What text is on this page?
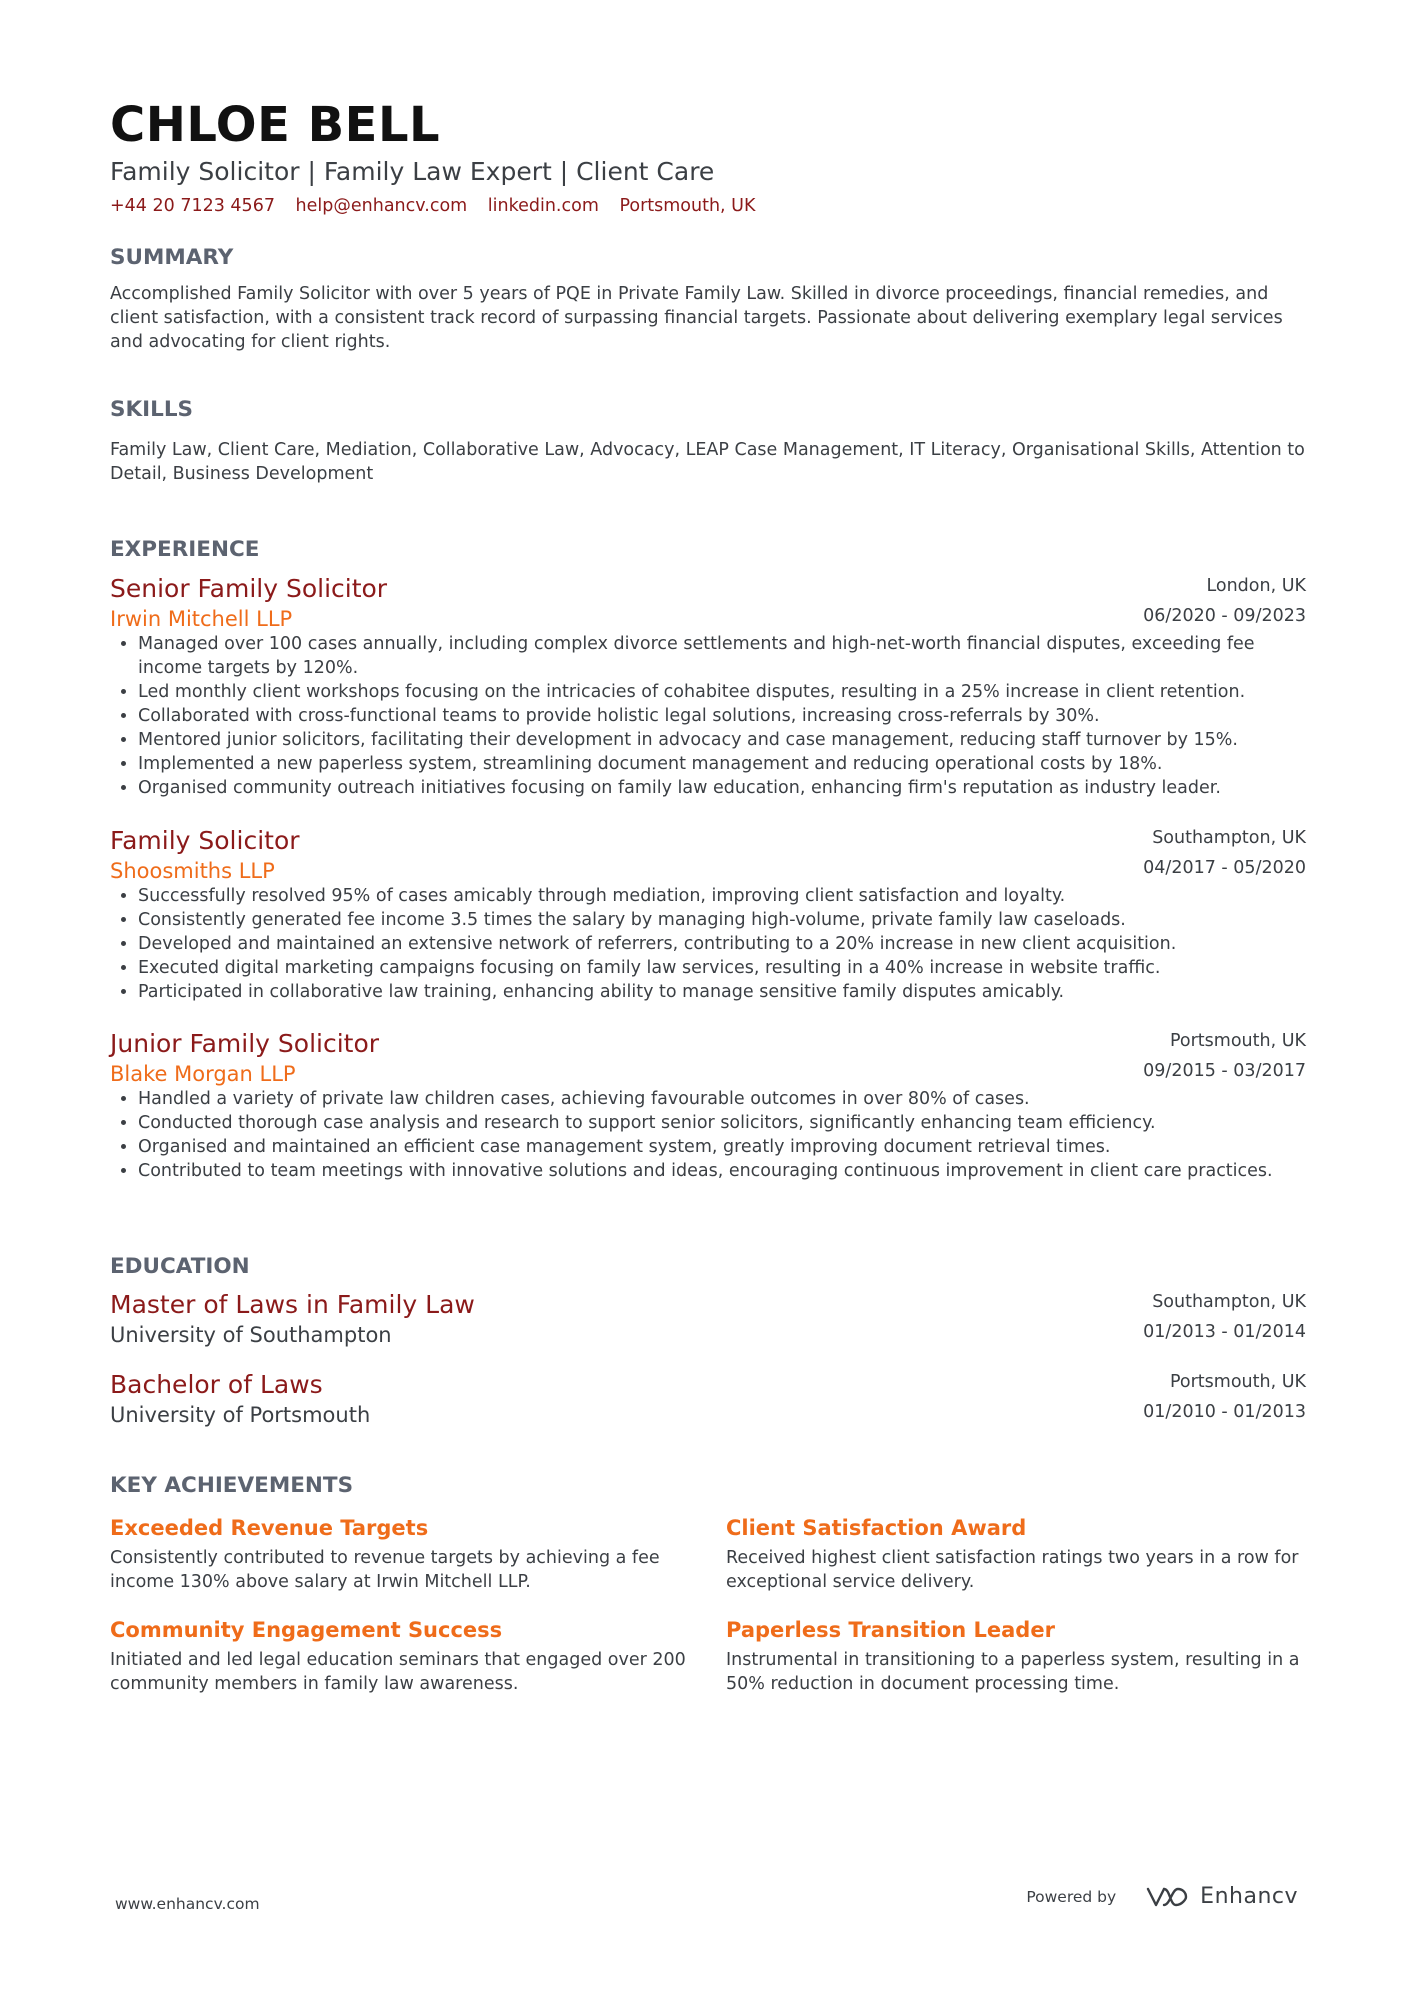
CHLOE BELL
Family Solicitor | Family Law Expert | Client Care
+44 20 7123 4567 help@enhancv.com linkedin.com Portsmouth, UK
SUMMARY
Accomplished Family Solicitor with over 5 years of PQE in Private Family Law. Skilled in divorce proceedings, financial remedies, and client satisfaction, with a consistent track record of surpassing financial targets. Passionate about delivering exemplary legal services and advocating for client rights.
SKILLS
Family Law, Client Care, Mediation, Collaborative Law, Advocacy, LEAP Case Management, IT Literacy, Organisational Skills, Attention to Detail, Business Development
EXPERIENCE
Senior Family Solicitor
Irwin Mitchell LLP
London, UK
06/2020 - 09/2023
• Managed over 100 cases annually, including complex divorce settlements and high-net-worth financial disputes, exceeding fee income targets by 120%.
• Led monthly client workshops focusing on the intricacies of cohabitee disputes, resulting in a 25% increase in client retention.
• Collaborated with cross-functional teams to provide holistic legal solutions, increasing cross-referrals by 30%.
• Mentored junior solicitors, facilitating their development in advocacy and case management, reducing staff turnover by 15%.
• Implemented a new paperless system, streamlining document management and reducing operational costs by 18%.
• Organised community outreach initiatives focusing on family law education, enhancing firm's reputation as industry leader.
Family Solicitor
Shoosmiths LLP
Southampton, UK
04/2017 - 05/2020
• Successfully resolved 95% of cases amicably through mediation, improving client satisfaction and loyalty.
• Consistently generated fee income 3.5 times the salary by managing high-volume, private family law caseloads.
• Developed and maintained an extensive network of referrers, contributing to a 20% increase in new client acquisition.
• Executed digital marketing campaigns focusing on family law services, resulting in a 40% increase in website traffic.
• Participated in collaborative law training, enhancing ability to manage sensitive family disputes amicably.
Junior Family Solicitor
Blake Morgan LLP
Portsmouth, UK
09/2015 - 03/2017
• Handled a variety of private law children cases, achieving favourable outcomes in over 80% of cases.
• Conducted thorough case analysis and research to support senior solicitors, significantly enhancing team efficiency.
• Organised and maintained an efficient case management system, greatly improving document retrieval times.
• Contributed to team meetings with innovative solutions and ideas, encouraging continuous improvement in client care practices.
EDUCATION
Master of Laws in Family Law
University of Southampton
Southampton, UK
01/2013 - 01/2014
Bachelor of Laws
University of Portsmouth
Portsmouth, UK
01/2010 - 01/2013
KEY ACHIEVEMENTS
Exceeded Revenue Targets
Consistently contributed to revenue targets by achieving a fee income 130% above salary at Irwin Mitchell LLP.
Client Satisfaction Award
Received highest client satisfaction ratings two years in a row for exceptional service delivery.
Community Engagement Success
Initiated and led legal education seminars that engaged over 200 community members in family law awareness.
Paperless Transition Leader
Instrumental in transitioning to a paperless system, resulting in a 50% reduction in document processing time.
www.enhancv.com	Powered by	Enhancv
